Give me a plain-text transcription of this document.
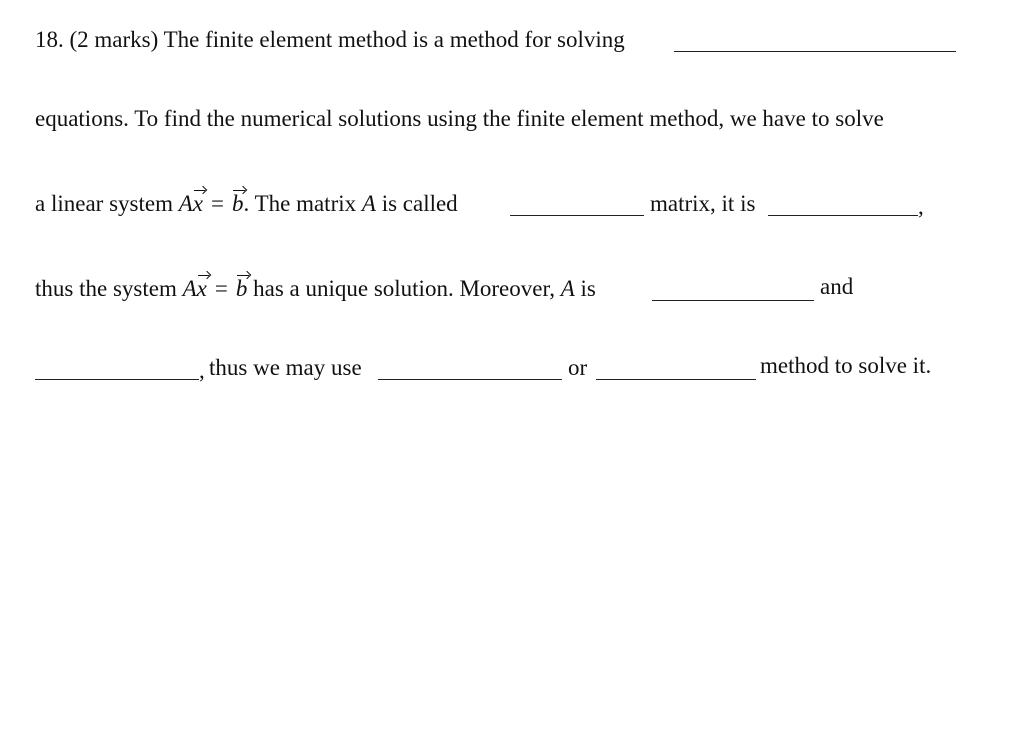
18. (2 marks) The finite element method is a method for solving
equations. To find the numerical solutions using the finite element method, we have to solve
a linear system Ax = b. The matrix A is called	matrix, it is	,
thus the system Ax = b has a unique solution. Moreover, A is	and
, thus we may use	or	method to solve it.
